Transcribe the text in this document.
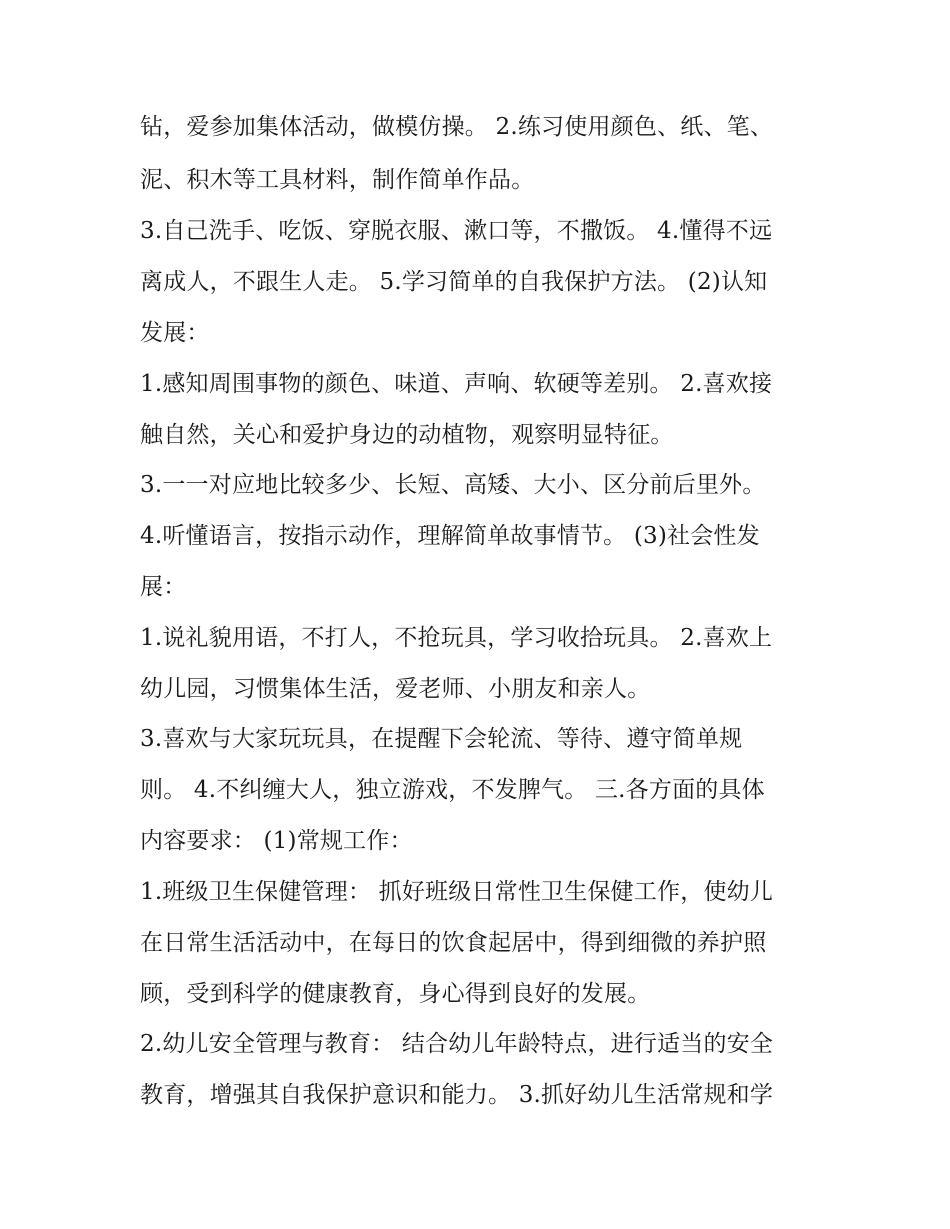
钻，爱参加集体活动，做模仿操。 2.练习使用颜色、纸、笔、
泥、积木等工具材料，制作简单作品。
3.自己洗手、吃饭、穿脱衣服、漱口等，不撒饭。 4.懂得不远
离成人，不跟生人走。 5.学习简单的自我保护方法。 (2)认知
发展：
1.感知周围事物的颜色、味道、声响、软硬等差别。 2.喜欢接
触自然，关心和爱护身边的动植物，观察明显特征。
3.一一对应地比较多少、长短、高矮、大小、区分前后里外。
4.听懂语言，按指示动作，理解简单故事情节。 (3)社会性发
展：
1.说礼貌用语，不打人，不抢玩具，学习收拾玩具。 2.喜欢上
幼儿园，习惯集体生活，爱老师、小朋友和亲人。
3.喜欢与大家玩玩具，在提醒下会轮流、等待、遵守简单规
则。 4.不纠缠大人，独立游戏，不发脾气。 三.各方面的具体
内容要求： (1)常规工作：
1.班级卫生保健管理： 抓好班级日常性卫生保健工作，使幼儿
在日常生活活动中，在每日的饮食起居中，得到细微的养护照
顾，受到科学的健康教育，身心得到良好的发展。
2.幼儿安全管理与教育： 结合幼儿年龄特点，进行适当的安全
教育，增强其自我保护意识和能力。 3.抓好幼儿生活常规和学
